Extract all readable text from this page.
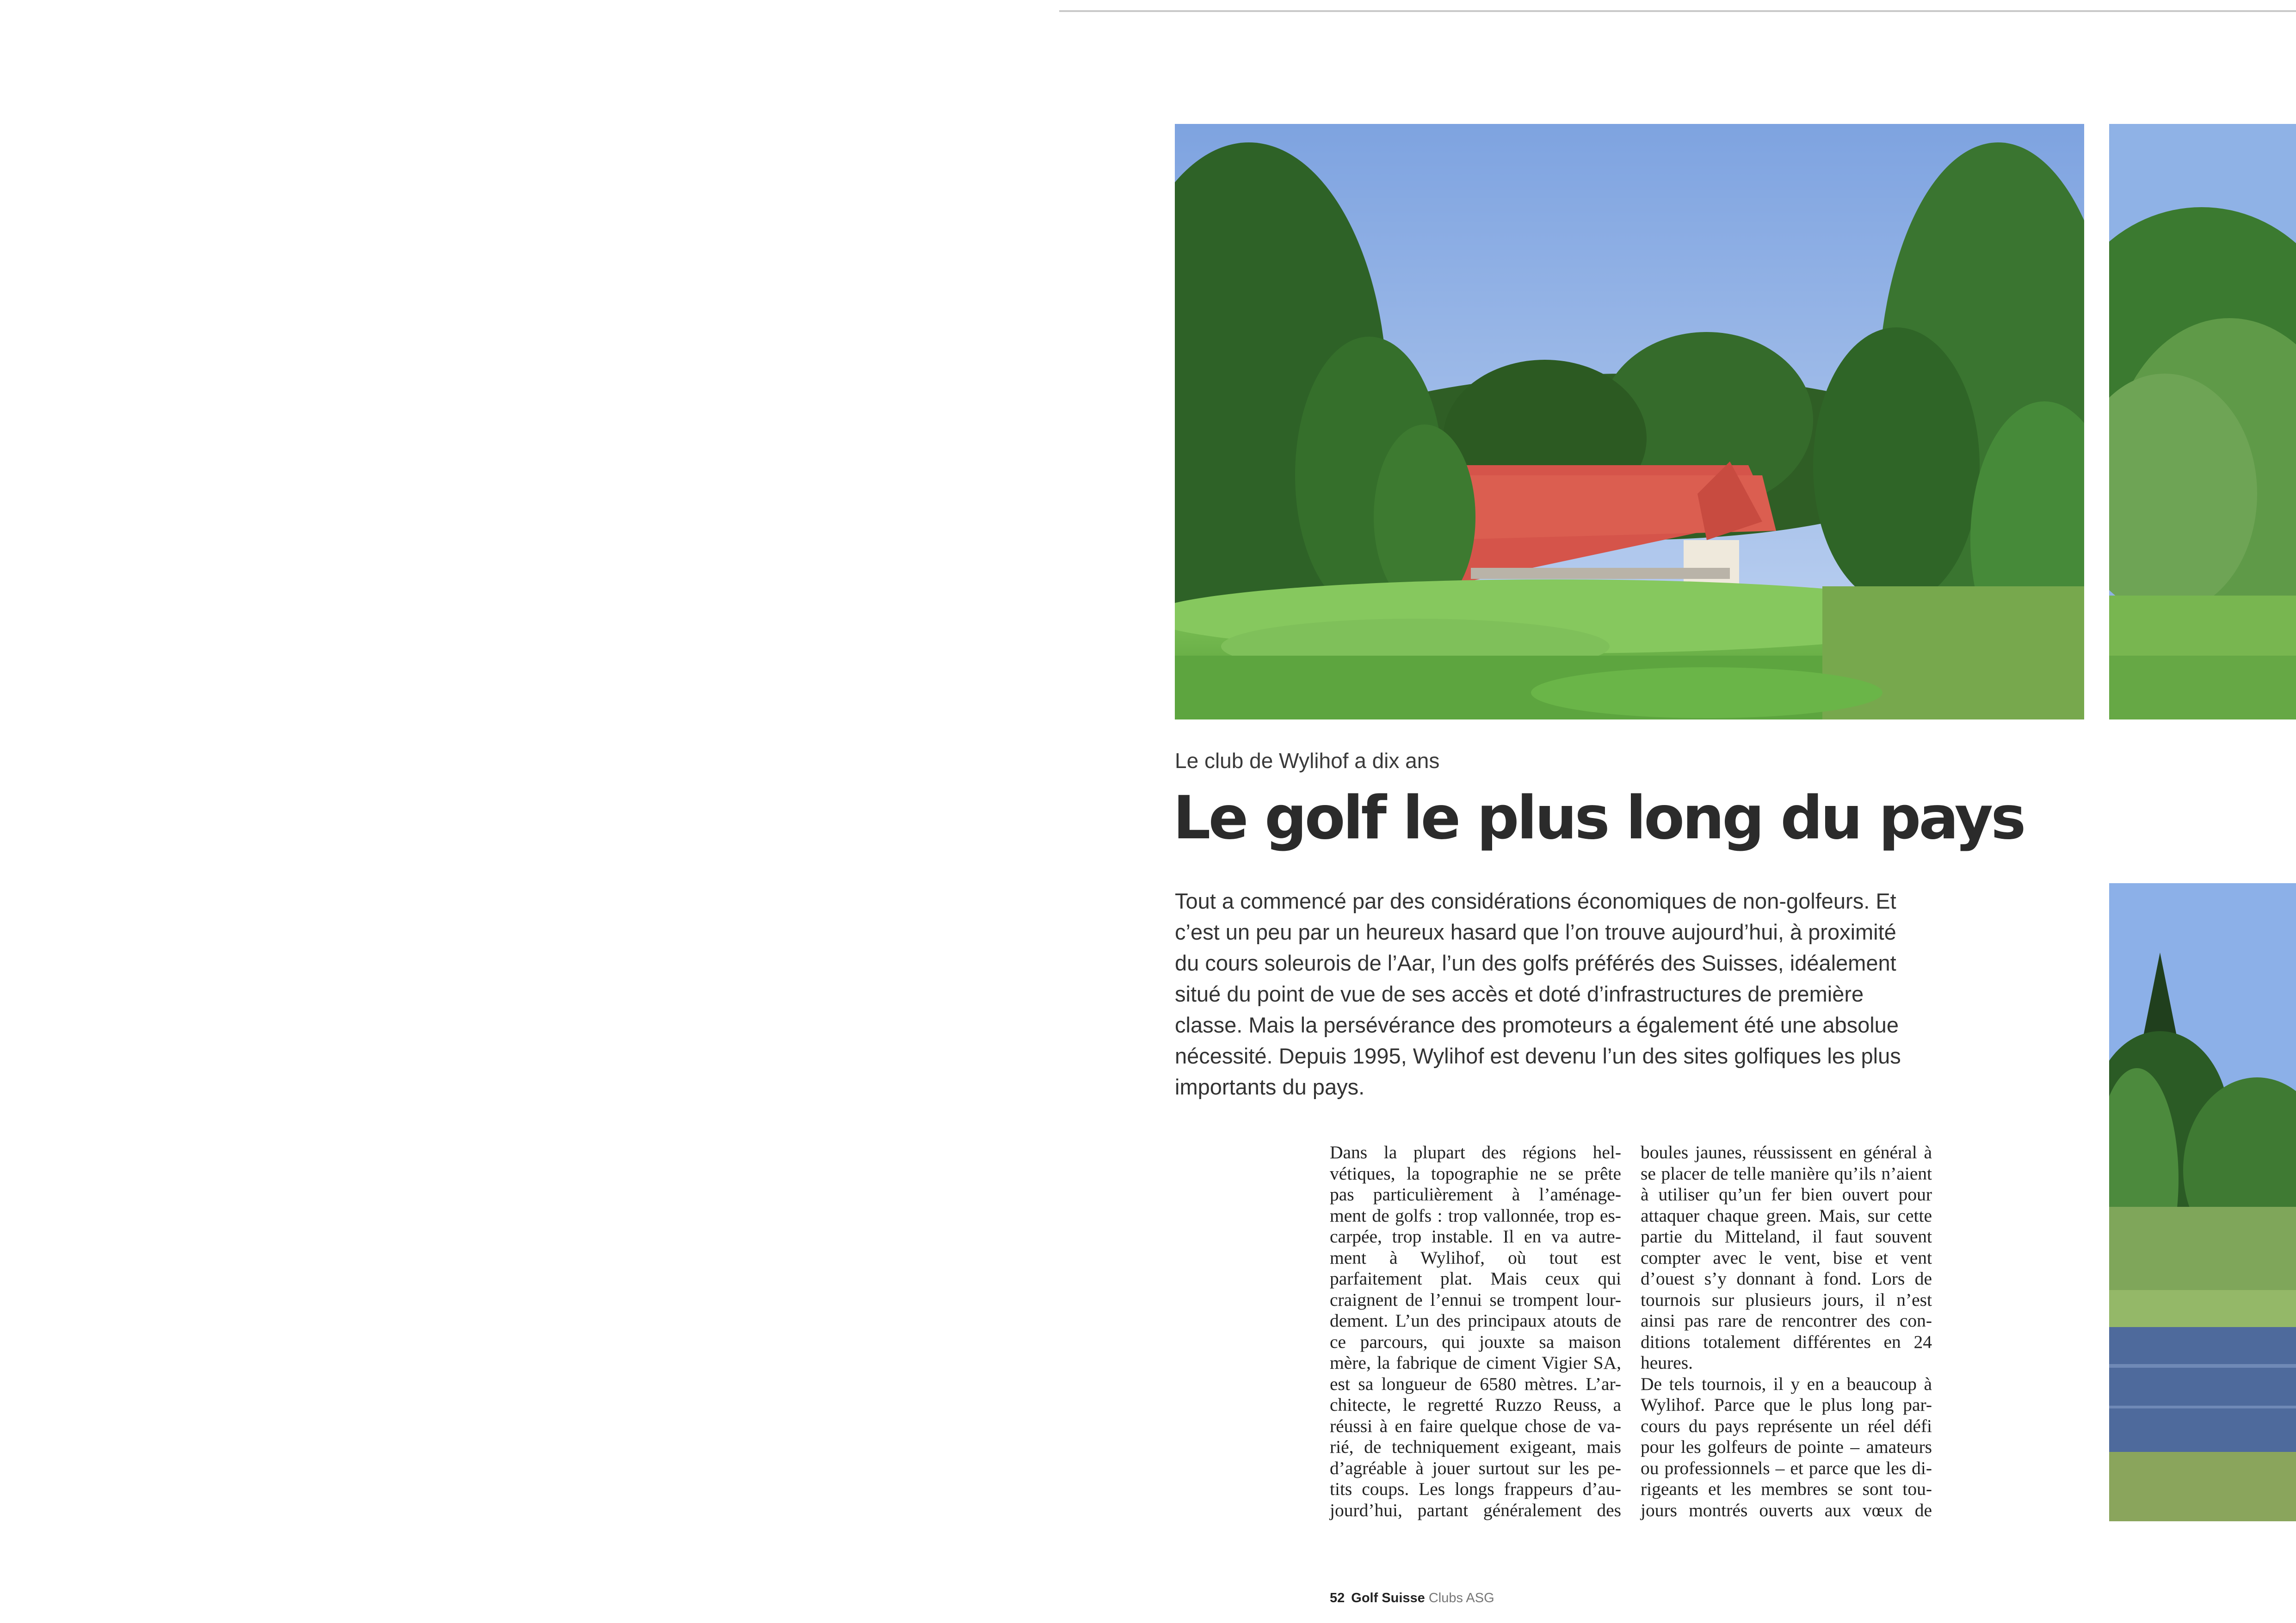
Le club de Wylihof a dix ans
Le golf le plus long du pays
Tout a commencé par des considérations économiques de non-golfeurs. Et
c’est un peu par un heureux hasard que l’on trouve aujourd’hui, à proximité
du cours soleurois de l’Aar, l’un des golfs préférés des Suisses, idéalement
situé du point de vue de ses accès et doté d’infrastructures de première
classe. Mais la persévérance des promoteurs a également été une absolue
nécessité. Depuis 1995, Wylihof est devenu l’un des sites golfiques les plus
importants du pays.
Dans la plupart des régions hel-
vétiques, la topographie ne se prête
pas particulièrement à l’aménage-
ment de golfs : trop vallonnée, trop es-
carpée, trop instable. Il en va autre-
ment à Wylihof, où tout est
parfaitement plat. Mais ceux qui
craignent de l’ennui se trompent lour-
dement. L’un des principaux atouts de
ce parcours, qui jouxte sa maison
mère, la fabrique de ciment Vigier SA,
est sa longueur de 6580 mètres. L’ar-
chitecte, le regretté Ruzzo Reuss, a
réussi à en faire quelque chose de va-
rié, de techniquement exigeant, mais
d’agréable à jouer surtout sur les pe-
tits coups. Les longs frappeurs d’au-
jourd’hui, partant généralement des
boules jaunes, réussissent en général à
se placer de telle manière qu’ils n’aient
à utiliser qu’un fer bien ouvert pour
attaquer chaque green. Mais, sur cette
partie du Mitteland, il faut souvent
compter avec le vent, bise et vent
d’ouest s’y donnant à fond. Lors de
tournois sur plusieurs jours, il n’est
ainsi pas rare de rencontrer des con-
ditions totalement différentes en 24
heures.
De tels tournois, il y en a beaucoup à
Wylihof. Parce que le plus long par-
cours du pays représente un réel défi
pour les golfeurs de pointe – amateurs
ou professionnels – et parce que les di-
rigeants et les membres se sont tou-
jours montrés ouverts aux vœux de
52 Golf Suisse Clubs ASG
